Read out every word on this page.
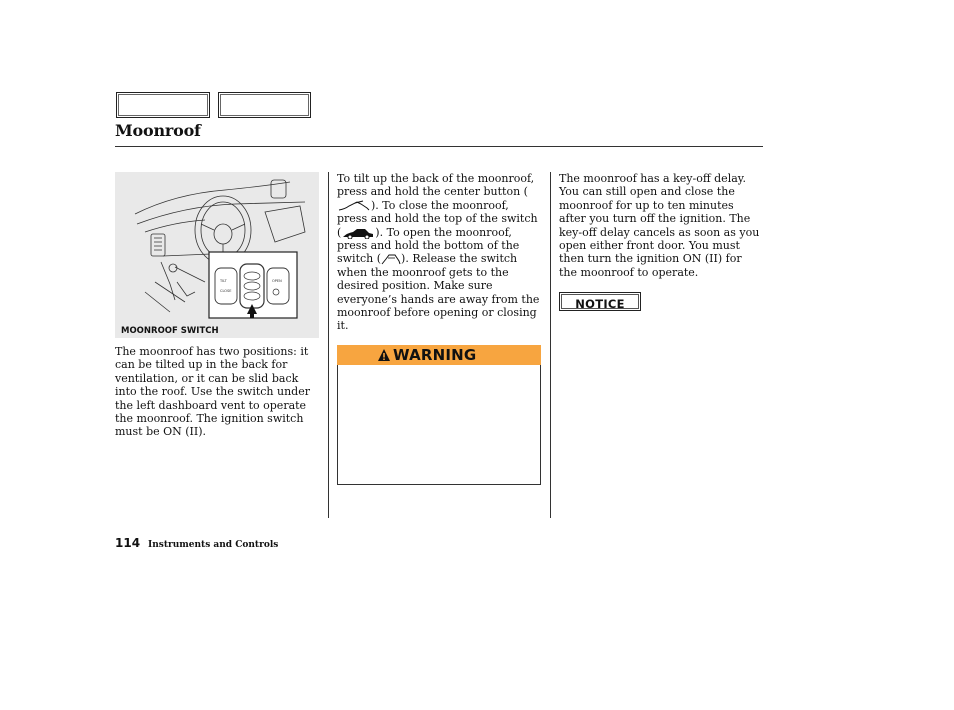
Moonroof
TILT
CLOSE
OPEN
MOONROOF SWITCH
The moonroof has two positions: it can be tilted up in the back for ventilation, or it can be slid back into the roof. Use the switch under the left dashboard vent to operate the moonroof. The ignition switch must be ON (II).
To tilt up the back of the moonroof, press and hold the center button (). To close the moonroof, press and hold the top of the switch (	). To open the moonroof, press and hold the bottom of the switch ( ). Release the switch when the moonroof gets to the desired position. Make sure everyone’s hands are away from the moonroof before opening or closing it.
WARNING
The moonroof has a key-off delay. You can still open and close the moonroof for up to ten minutes after you turn off the ignition. The key-off delay cancels as soon as you open either front door. You must then turn the ignition ON (II) for the moonroof to operate.
NOTICE
114 Instruments and Controls
